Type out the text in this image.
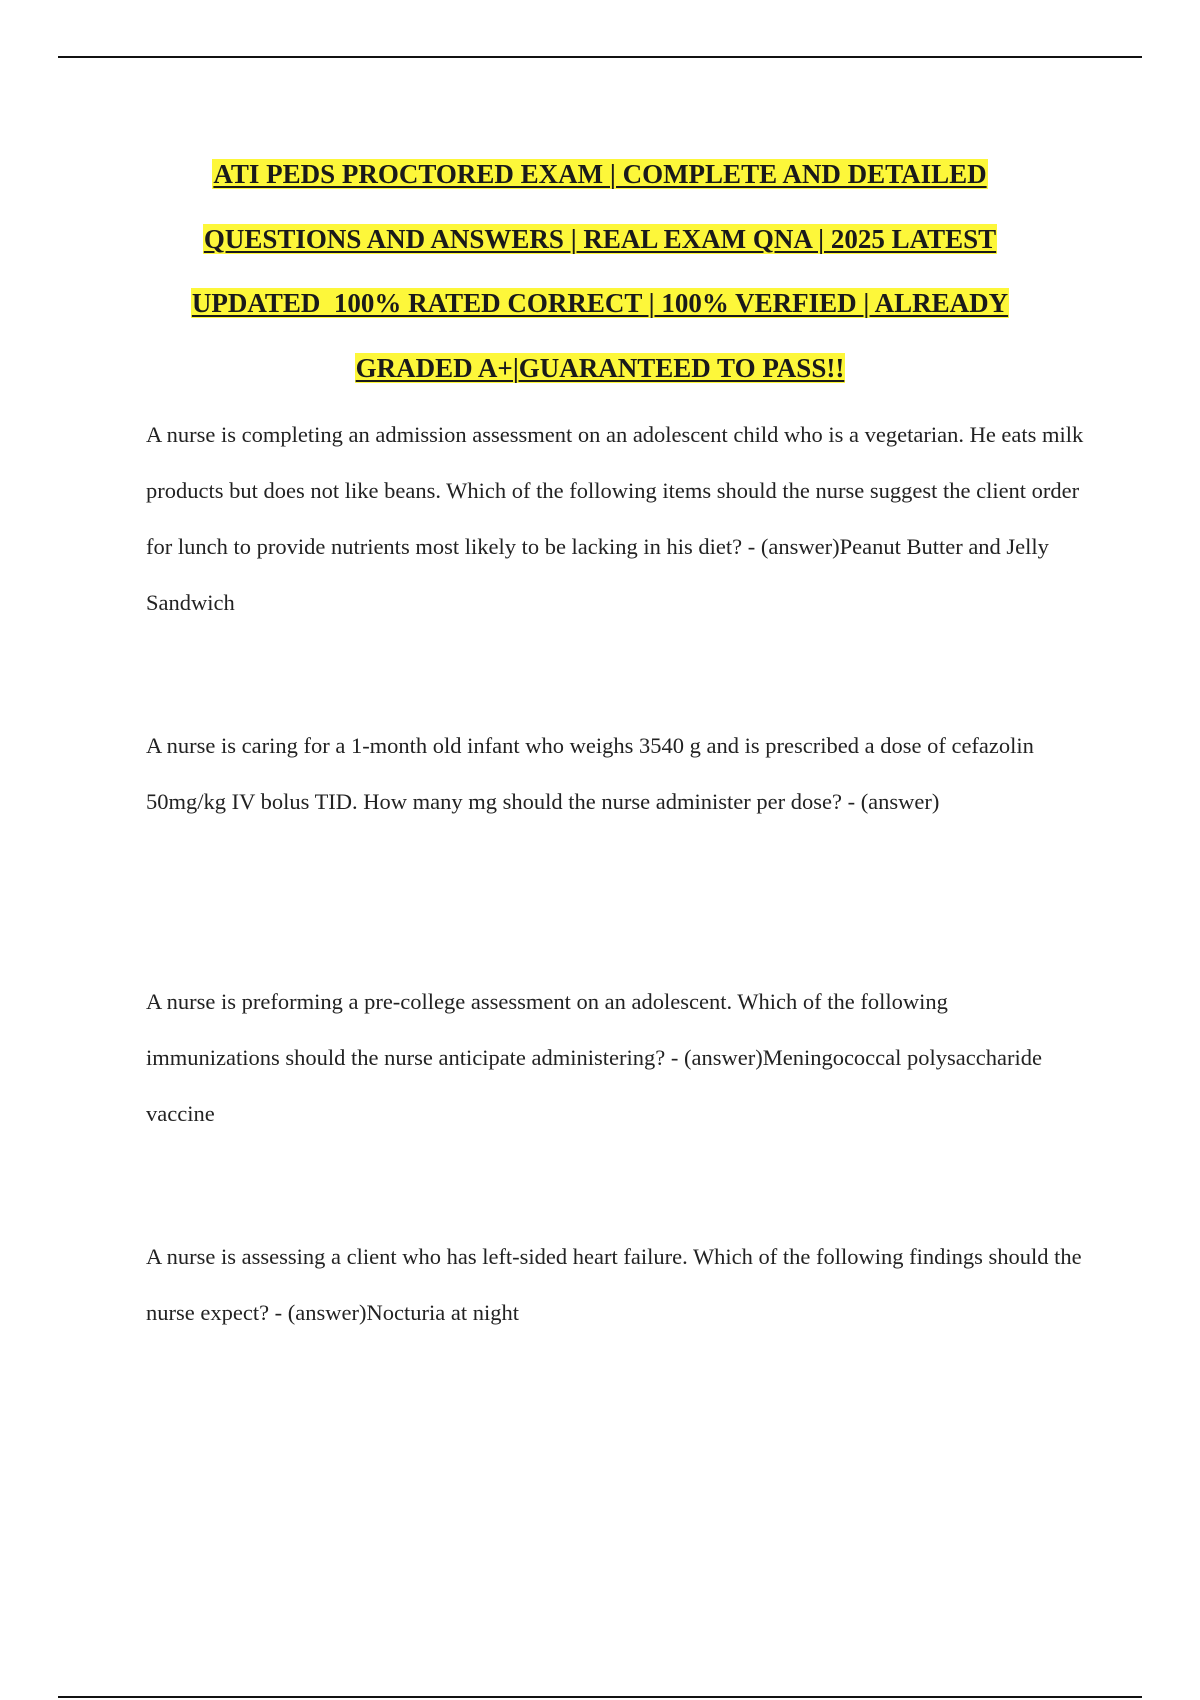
ATI PEDS PROCTORED EXAM | COMPLETE AND DETAILED
QUESTIONS AND ANSWERS | REAL EXAM QNA | 2025 LATEST
UPDATED  100% RATED CORRECT | 100% VERFIED | ALREADY
GRADED A+|GUARANTEED TO PASS!!

A nurse is completing an admission assessment on an adolescent child who is a vegetarian. He eats milk products but does not like beans. Which of the following items should the nurse suggest the client order for lunch to provide nutrients most likely to be lacking in his diet? - (answer)Peanut Butter and Jelly Sandwich

A nurse is caring for a 1-month old infant who weighs 3540 g and is prescribed a dose of cefazolin 50mg/kg IV bolus TID. How many mg should the nurse administer per dose? - (answer)

A nurse is preforming a pre-college assessment on an adolescent. Which of the following immunizations should the nurse anticipate administering? - (answer)Meningococcal polysaccharide vaccine

A nurse is assessing a client who has left-sided heart failure. Which of the following findings should the nurse expect? - (answer)Nocturia at night
